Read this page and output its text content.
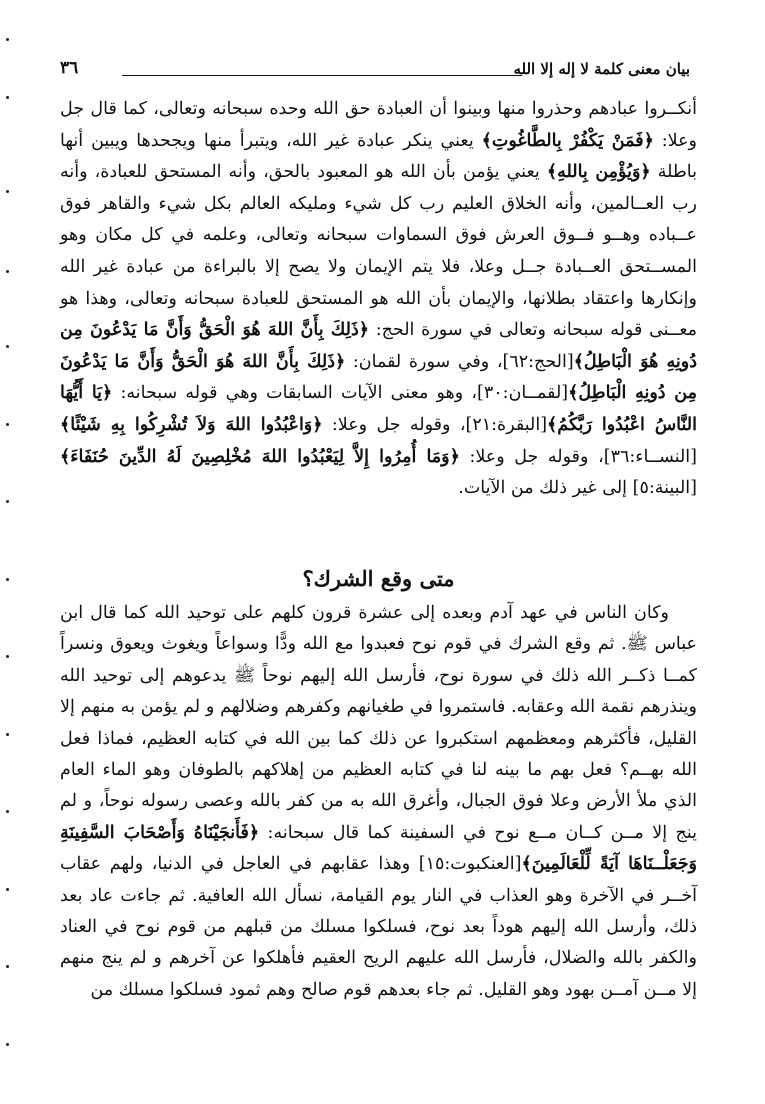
بيان معنى كلمة لا إله إلا الله
٣٦

أنكــروا عبادهم وحذروا منها وبينوا أن العبادة حق الله وحده سبحانه وتعالى، كما قال جل وعلا: ﴿فَمَنْ يَكْفُرْ بِالطَّاغُوتِ﴾ يعني ينكر عبادة غير الله، ويتبرأ منها ويجحدها ويبين أنها باطلة ﴿وَيُؤْمِن بِاللهِ﴾ يعني يؤمن بأن الله هو المعبود بالحق، وأنه المستحق للعبادة، وأنه رب العــالمين، وأنه الخلاق العليم رب كل شيء ومليكه العالم بكل شيء والقاهر فوق عــباده وهــو فــوق العرش فوق السماوات سبحانه وتعالى، وعلمه في كل مكان وهو المســتحق العــبادة جــل وعلا، فلا يتم الإيمان ولا يصح إلا بالبراءة من عبادة غير الله وإنكارها واعتقاد بطلانها، والإيمان بأن الله هو المستحق للعبادة سبحانه وتعالى، وهذا هو معــنى قوله سبحانه وتعالى في سورة الحج: ﴿ذَلِكَ بِأَنَّ اللهَ هُوَ الْحَقُّ وَأَنَّ مَا يَدْعُونَ مِن دُونِهِ هُوَ الْبَاطِلُ﴾[الحج:٦٢]، وفي سورة لقمان: ﴿ذَلِكَ بِأَنَّ اللهَ هُوَ الْحَقُّ وَأَنَّ مَا يَدْعُونَ مِن دُونِهِ الْبَاطِلُ﴾[لقمــان:٣٠]، وهو معنى الآيات السابقات وهي قوله سبحانه: ﴿يَا أَيُّهَا النَّاسُ اعْبُدُوا رَبَّكُمُ﴾[البقرة:٢١]، وقوله جل وعلا: ﴿وَاعْبُدُوا اللهَ وَلاَ تُشْرِكُوا بِهِ شَيْئًا﴾ [النســاء:٣٦]، وقوله جل وعلا: ﴿وَمَا أُمِرُوا إِلاَّ لِيَعْبُدُوا اللهَ مُخْلِصِينَ لَهُ الدِّينَ حُنَفَاءَ﴾ [البينة:٥] إلى غير ذلك من الآيات.

متى وقع الشرك؟

وكان الناس في عهد آدم وبعده إلى عشرة قرون كلهم على توحيد الله كما قال ابن عباس ﷺ. ثم وقع الشرك في قوم نوح فعبدوا مع الله ودًّا وسواعاً ويغوث ويعوق ونسراً كمــا ذكــر الله ذلك في سورة نوح، فأرسل الله إليهم نوحاً ﷺ يدعوهم إلى توحيد الله وينذرهم نقمة الله وعقابه. فاستمروا في طغيانهم وكفرهم وضلالهم و لم يؤمن به منهم إلا القليل، فأكثرهم ومعظمهم استكبروا عن ذلك كما بين الله في كتابه العظيم، فماذا فعل الله بهــم؟ فعل بهم ما بينه لنا في كتابه العظيم من إهلاكهم بالطوفان وهو الماء العام الذي ملأ الأرض وعلا فوق الجبال، وأغرق الله به من كفر بالله وعصى رسوله نوحاً، و لم ينج إلا مــن كــان مــع نوح في السفينة كما قال سبحانه: ﴿فَأَنجَيْنَاهُ وَأَصْحَابَ السَّفِينَةِ وَجَعَلْــنَاهَا آيَةً لِّلْعَالَمِينَ﴾[العنكبوت:١٥] وهذا عقابهم في العاجل في الدنيا، ولهم عقاب آخــر في الآخرة وهو العذاب في النار يوم القيامة، نسأل الله العافية. ثم جاءت عاد بعد ذلك، وأرسل الله إليهم هوداً بعد نوح، فسلكوا مسلك من قبلهم من قوم نوح في العناد والكفر بالله والضلال، فأرسل الله عليهم الريح العقيم فأهلكوا عن آخرهم و لم ينج منهم إلا مــن آمــن بهود وهو القليل. ثم جاء بعدهم قوم صالح وهم ثمود فسلكوا مسلك من
